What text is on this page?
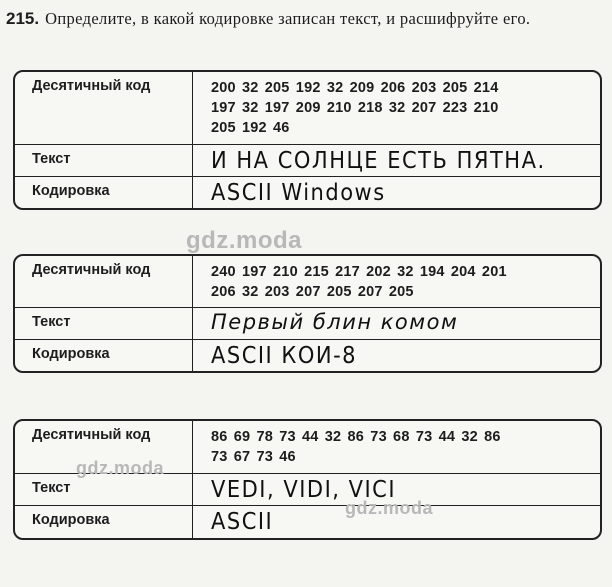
215. Определите, в какой кодировке записан текст, и расшифруйте его.
Десятичный код	200 32 205 192 32 209 206 203 205 214
197 32 197 209 210 218 32 207 223 210
205 192 46
Текст	И НА СОЛНЦЕ ЕСТЬ ПЯТНА.
Кодировка	ASCII Windows
Десятичный код	240 197 210 215 217 202 32 194 204 201
206 32 203 207 205 207 205
Текст	Первый блин комом
Кодировка	ASCII КОИ-8
Десятичный код	86 69 78 73 44 32 86 73 68 73 44 32 86
73 67 73 46
Текст	VEDI, VIDI, VICI
Кодировка	ASCII
gdz.moda
gdz.moda
gdz.moda
